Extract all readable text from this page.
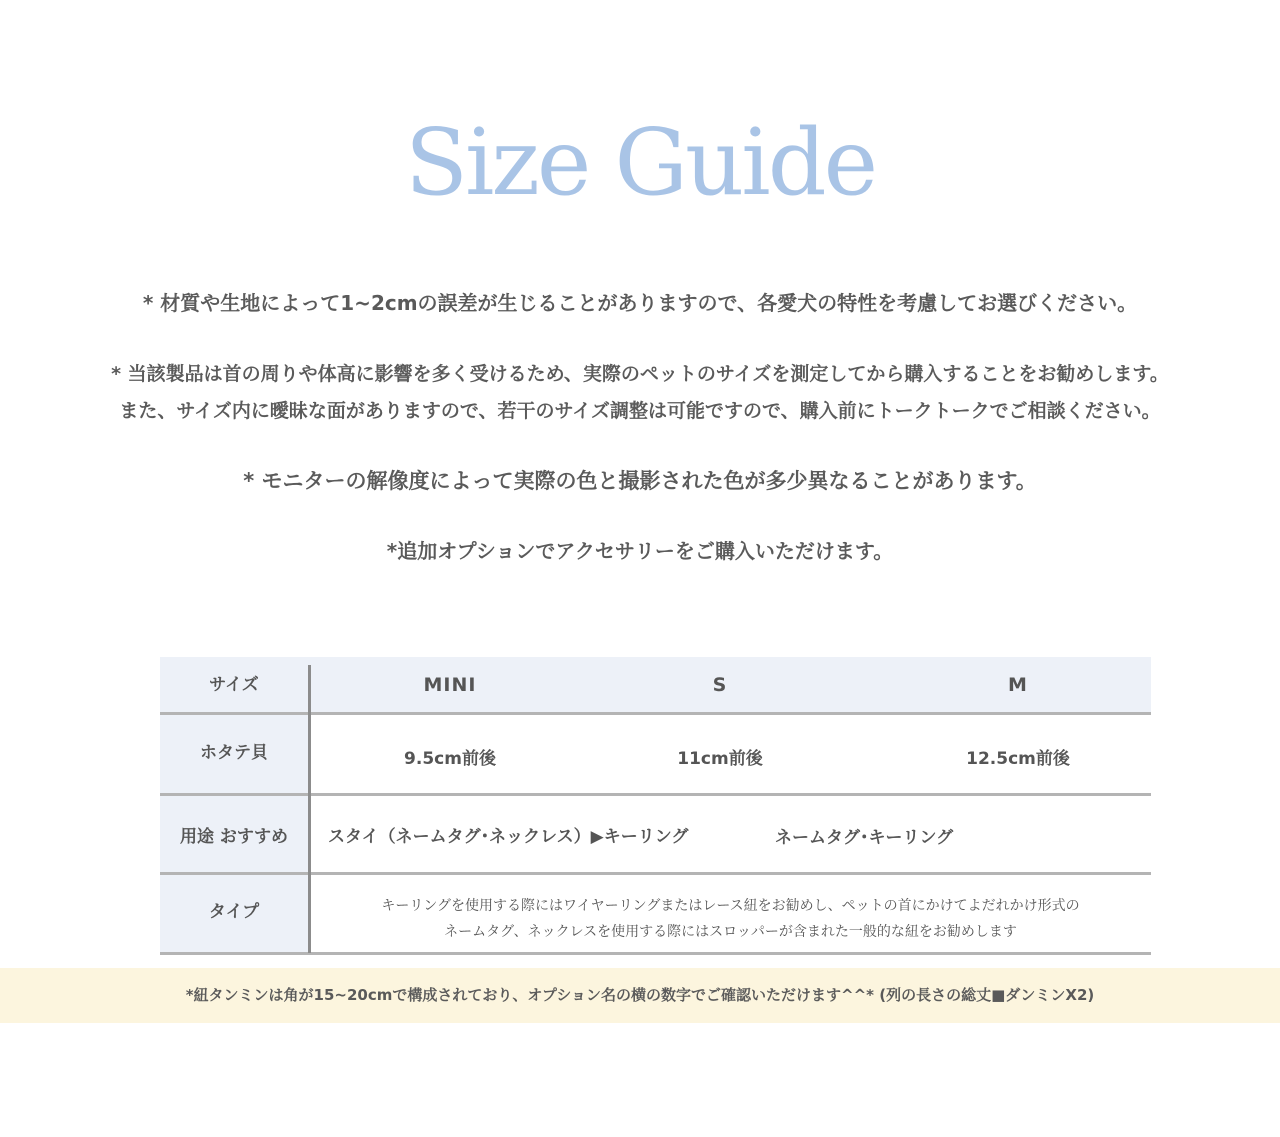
Size Guide
* 材質や生地によって1~2cmの誤差が生じることがありますので、各愛犬の特性を考慮してお選びください。
* 当該製品は首の周りや体高に影響を多く受けるため、実際のペットのサイズを測定してから購入することをお勧めします。
また、サイズ内に曖昧な面がありますので、若干のサイズ調整は可能ですので、購入前にトークトークでご相談ください。
* モニターの解像度によって実際の色と撮影された色が多少異なることがあります。
*追加オプションでアクセサリーをご購入いただけます。
サイズ	MINI	S	M
ホタテ貝	9.5cm前後	11cm前後	12.5cm前後
用途 おすすめ	スタイ（ネームタグ･ネックレス）▶キーリング	ネームタグ･キーリング
タイプ	キーリングを使用する際にはワイヤーリングまたはレース紐をお勧めし、ペットの首にかけてよだれかけ形式の
ネームタグ、ネックレスを使用する際にはスロッパーが含まれた一般的な紐をお勧めします
*紐タンミンは角が15~20cmで構成されており、オプション名の横の数字でご確認いただけます^^* (列の長さの総丈■ダンミンX2)
